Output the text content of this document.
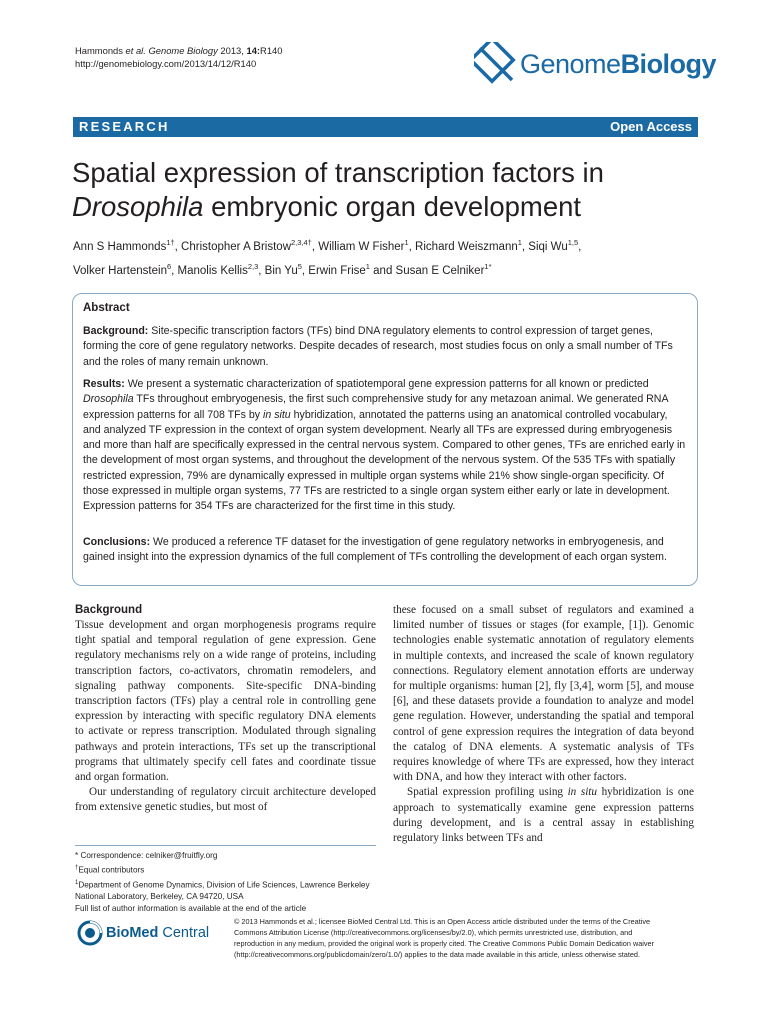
Hammonds et al. Genome Biology 2013, 14:R140
http://genomebiology.com/2013/14/12/R140	GenomeBiology
RESEARCH	Open Access
Spatial expression of transcription factors in
Drosophila embryonic organ development
Ann S Hammonds$^{1\dagger}$, Christopher A Bristow$^{2,3,4\dagger}$, William W Fisher$^1$, Richard Weiszmann$^1$, Siqi Wu$^{1,5}$,
Volker Hartenstein$^6$, Manolis Kellis$^{2,3}$, Bin Yu$^5$, Erwin Frise$^1$ and Susan E Celniker$^{1*}$
Abstract
Background: Site-specific transcription factors (TFs) bind DNA regulatory elements to control expression of target genes, forming the core of gene regulatory networks. Despite decades of research, most studies focus on only a small number of TFs and the roles of many remain unknown.
Results: We present a systematic characterization of spatiotemporal gene expression patterns for all known or predicted Drosophila TFs throughout embryogenesis, the first such comprehensive study for any metazoan animal. We generated RNA expression patterns for all 708 TFs by in situ hybridization, annotated the patterns using an anatomical controlled vocabulary, and analyzed TF expression in the context of organ system development. Nearly all TFs are expressed during embryogenesis and more than half are specifically expressed in the central nervous system. Compared to other genes, TFs are enriched early in the development of most organ systems, and throughout the development of the nervous system. Of the 535 TFs with spatially restricted expression, 79% are dynamically expressed in multiple organ systems while 21% show single-organ specificity. Of those expressed in multiple organ systems, 77 TFs are restricted to a single organ system either early or late in development. Expression patterns for 354 TFs are characterized for the first time in this study.
Conclusions: We produced a reference TF dataset for the investigation of gene regulatory networks in embryogenesis, and gained insight into the expression dynamics of the full complement of TFs controlling the development of each organ system.
Background

Tissue development and organ morphogenesis programs require tight spatial and temporal regulation of gene expression. Gene regulatory mechanisms rely on a wide range of proteins, including transcription factors, co-activators, chromatin remodelers, and signaling pathway components. Site-specific DNA-binding transcription factors (TFs) play a central role in controlling gene expression by interacting with specific regulatory DNA elements to activate or repress transcription. Modulated through signaling pathways and protein interactions, TFs set up the transcriptional programs that ultimately specify cell fates and coordinate tissue and organ formation.

Our understanding of regulatory circuit architecture developed from extensive genetic studies, but most of

these focused on a small subset of regulators and examined a limited number of tissues or stages (for example, [1]). Genomic technologies enable systematic annotation of regulatory elements in multiple contexts, and increased the scale of known regulatory connections. Regulatory element annotation efforts are underway for multiple organisms: human [2], fly [3,4], worm [5], and mouse [6], and these datasets provide a foundation to analyze and model gene regulation. However, understanding the spatial and temporal control of gene expression requires the integration of data beyond the catalog of DNA elements. A systematic analysis of TFs requires knowledge of where TFs are expressed, how they interact with DNA, and how they interact with other factors.

Spatial expression profiling using in situ hybridization is one approach to systematically examine gene expression patterns during development, and is a central assay in establishing regulatory links between TFs and

* Correspondence: celniker@fruitfly.org
†Equal contributors
$^1$Department of Genome Dynamics, Division of Life Sciences, Lawrence Berkeley National Laboratory, Berkeley, CA 94720, USA
Full list of author information is available at the end of the article
BioMed Central
© 2013 Hammonds et al.; licensee BioMed Central Ltd. This is an Open Access article distributed under the terms of the Creative Commons Attribution License (http://creativecommons.org/licenses/by/2.0), which permits unrestricted use, distribution, and reproduction in any medium, provided the original work is properly cited. The Creative Commons Public Domain Dedication waiver (http://creativecommons.org/publicdomain/zero/1.0/) applies to the data made available in this article, unless otherwise stated.
